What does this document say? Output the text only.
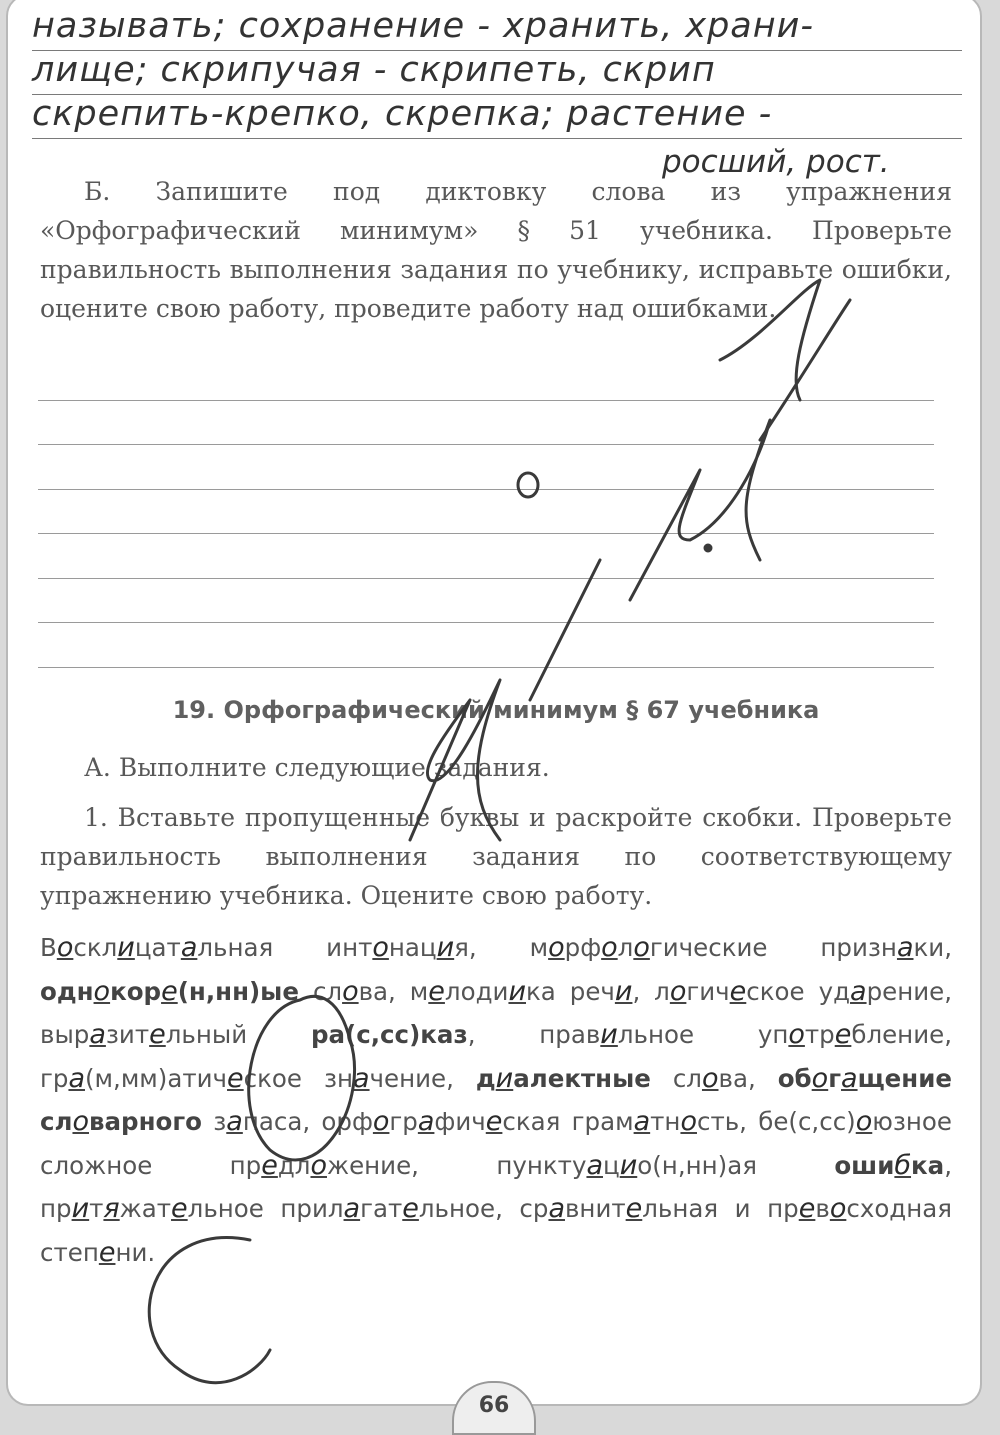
называть; сохранение - хранить, храни-
лище; скрипучая - скрипеть, скрип
скрепить-крепко, скрепка; растение -
росший, рост.
Б. Запишите под диктовку слова из упражнения «Орфографический минимум» § 51 учебника. Проверьте правильность выполнения задания по учебнику, исправьте ошибки, оцените свою работу, проведите работу над ошибками.
19. Орфографический минимум § 67 учебника
А. Выполните следующие задания.
1. Вставьте пропущенные буквы и раскройте скобки. Проверьте правильность выполнения задания по соответствующему упражнению учебника. Оцените свою работу.
Восклицатальная интонация, морфологические признаки, однокоре(н,нн)ые слова, мелодиика речи, логическое ударение, выразительный	ра(с,сс)каз, правильное употребление, гра(м,мм)атическое значение, диалектные слова, обогащение словарного запаса, орфографическая граматность, бе(с,сс)оюзное сложное предложение, пунктуацио(н,нн)ая	ошибка, притяжательное прилагательное, сравнительная и превосходная степени.
66
